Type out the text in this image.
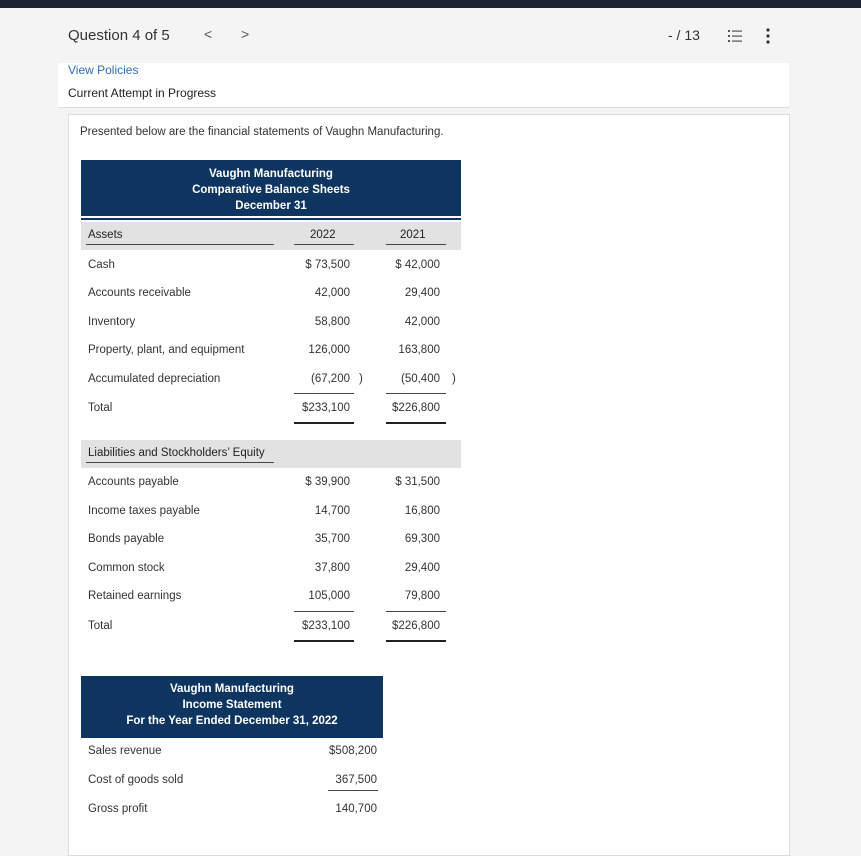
Question 4 of 5 < >	- / 13
View Policies
Current Attempt in Progress
Presented below are the financial statements of Vaughn Manufacturing.
Vaughn Manufacturing
Comparative Balance Sheets
December 31
Assets	2022	2021
Cash	$ 73,500	$ 42,000
Accounts receivable	42,000	29,400
Inventory	58,800	42,000
Property, plant, and equipment	126,000	163,800
Accumulated depreciation	(67,200 )	(50,400 )
Total	$233,100	$226,800
Liabilities and Stockholders’ Equity
Accounts payable	$ 39,900	$ 31,500
Income taxes payable	14,700	16,800
Bonds payable	35,700	69,300
Common stock	37,800	29,400
Retained earnings	105,000	79,800
Total	$233,100	$226,800
Vaughn Manufacturing
Income Statement
For the Year Ended December 31, 2022
Sales revenue	$508,200
Cost of goods sold	367,500
Gross profit	140,700
